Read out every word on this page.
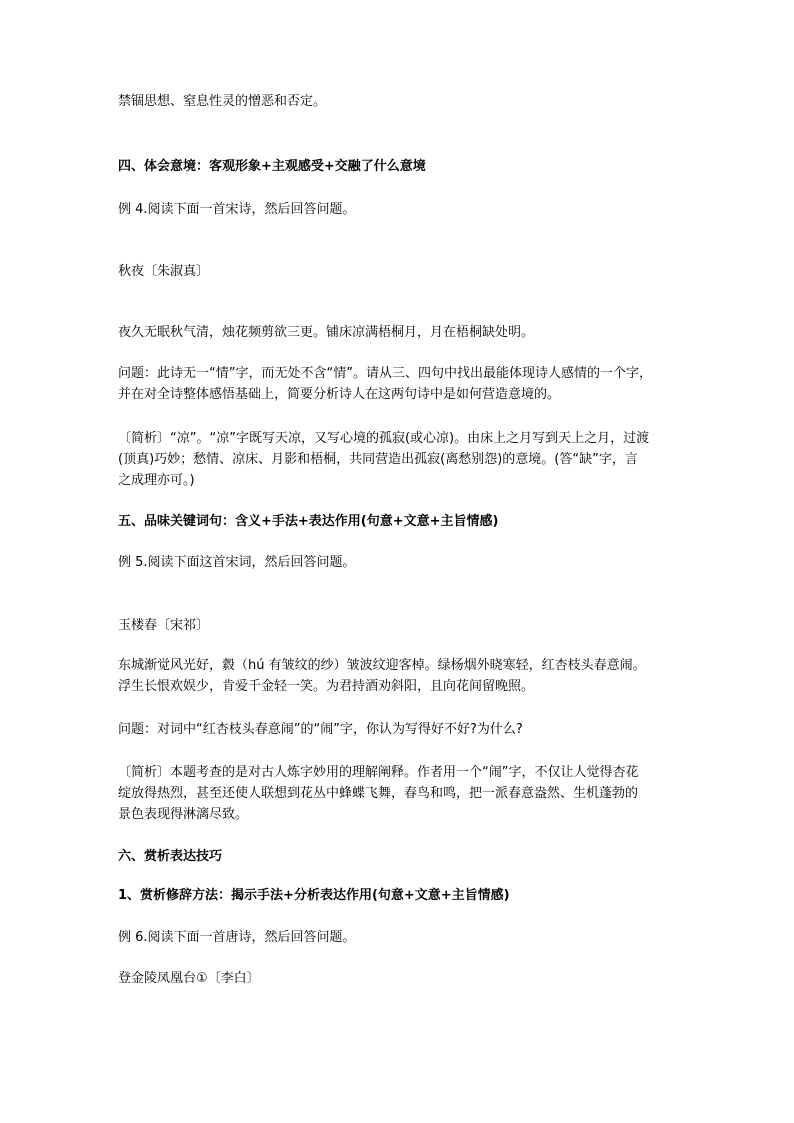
禁锢思想、窒息性灵的憎恶和否定。
四、体会意境：客观形象+主观感受+交融了什么意境
例 4.阅读下面一首宋诗，然后回答问题。
秋夜〔朱淑真〕
夜久无眠秋气清，烛花频剪欲三更。铺床凉满梧桐月，月在梧桐缺处明。
问题：此诗无一“情”字，而无处不含“情”。请从三、四句中找出最能体现诗人感情的一个字，
并在对全诗整体感悟基础上，简要分析诗人在这两句诗中是如何营造意境的。
〔简析〕“凉”。“凉”字既写天凉，又写心境的孤寂(或心凉)。由床上之月写到天上之月，过渡
(顶真)巧妙；愁情、凉床、月影和梧桐，共同营造出孤寂(离愁别怨)的意境。(答“缺”字，言
之成理亦可。)
五、品味关键词句：含义+手法+表达作用(句意+文意+主旨情感)
例 5.阅读下面这首宋词，然后回答问题。
玉楼春〔宋祁〕
东城渐觉风光好，縠（hú 有皱纹的纱）皱波纹迎客棹。绿杨烟外晓寒轻，红杏枝头春意闹。
浮生长恨欢娱少，肯爱千金轻一笑。为君持酒劝斜阳，且向花间留晚照。
问题：对词中“红杏枝头春意闹”的“闹”字，你认为写得好不好?为什么?
〔简析〕本题考查的是对古人炼字妙用的理解阐释。作者用一个“闹”字，不仅让人觉得杏花
绽放得热烈，甚至还使人联想到花丛中蜂蝶飞舞，春鸟和鸣，把一派春意盎然、生机蓬勃的
景色表现得淋漓尽致。
六、赏析表达技巧
1、赏析修辞方法：揭示手法+分析表达作用(句意+文意+主旨情感)
例 6.阅读下面一首唐诗，然后回答问题。
登金陵凤凰台①〔李白〕
